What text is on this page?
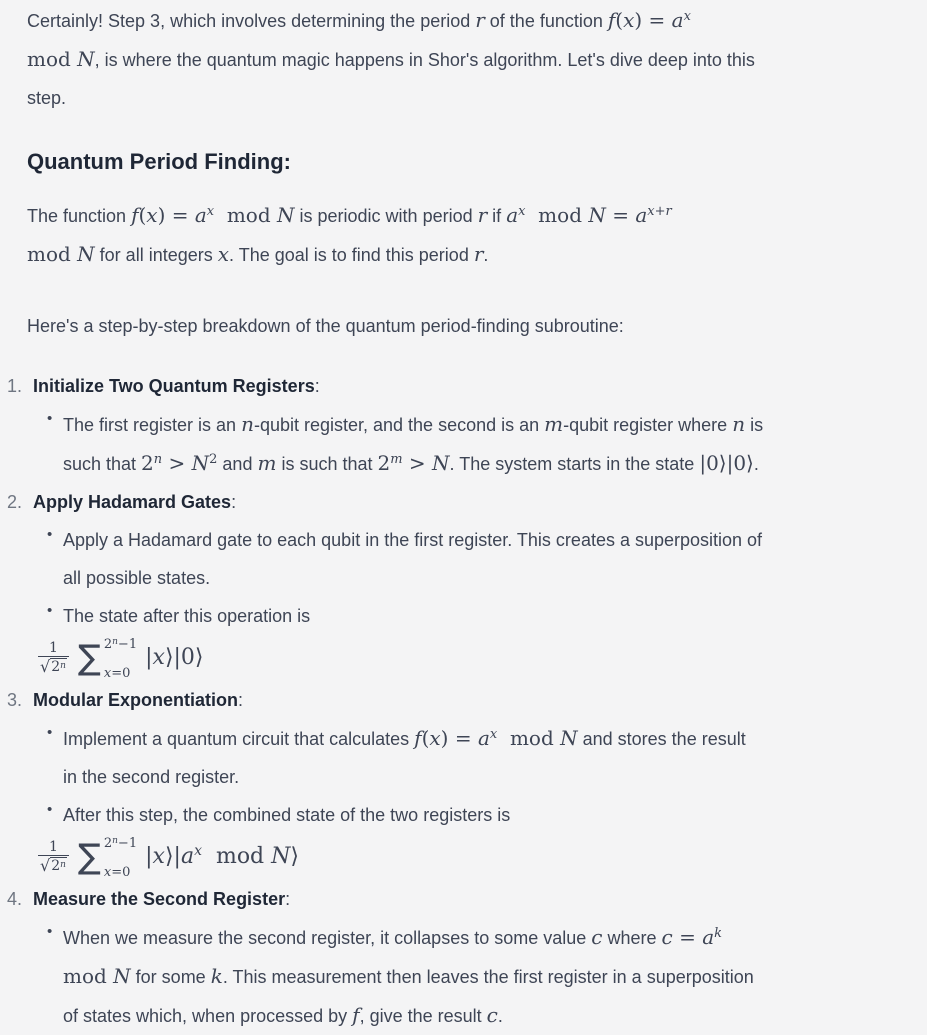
Certainly! Step 3, which involves determining the period r of the function $f(x) = a^x$
mod N, is where the quantum magic happens in Shor's algorithm. Let's dive deep into this
step.

Quantum Period Finding:

The function $f(x) = a^x$  mod N is periodic with period r if $a^x$  mod $N = a^{x+r}$
mod N for all integers x. The goal is to find this period r.

Here's a step-by-step breakdown of the quantum period-finding subroutine:

1. Initialize Two Quantum Registers:
• The first register is an n-qubit register, and the second is an m-qubit register where n is
such that $2^n > N^2$ and m is such that $2^m > N$. The system starts in the state |0⟩|0⟩.
2. Apply Hadamard Gates:
• Apply a Hadamard gate to each qubit in the first register. This creates a superposition of
all possible states.
• The state after this operation is
$\frac{1}{√ 2^n}$ ∑ $2^n-1$
x=0
|x⟩|0⟩
3. Modular Exponentiation:
• Implement a quantum circuit that calculates $f(x) = a^x$  mod N and stores the result
in the second register.
• After this step, the combined state of the two registers is
$\frac{1}{√ 2^n}$ ∑ $2^n-1$
x=0
$|x⟩|a^x$  mod N⟩
4. Measure the Second Register:
• When we measure the second register, it collapses to some value c where $c = a^k$
mod N for some k. This measurement then leaves the first register in a superposition
of states which, when processed by f, give the result c.
